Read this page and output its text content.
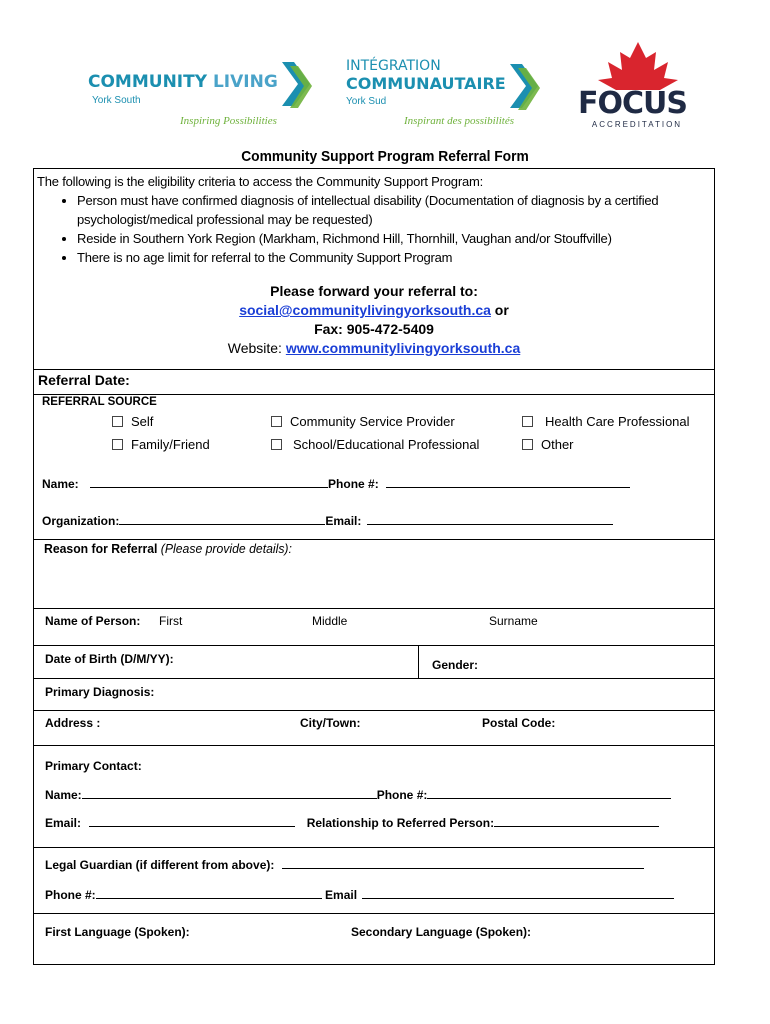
COMMUNITY LIVING
York South
Inspiring Possibilities
INTÉGRATION
COMMUNAUTAIRE
York Sud
Inspirant des possibilités FOCUS
ACCREDITATION
Community Support Program Referral Form
The following is the eligibility criteria to access the Community Support Program:
• Person must have confirmed diagnosis of intellectual disability (Documentation of diagnosis by a certified psychologist/medical professional may be requested)
• Reside in Southern York Region (Markham, Richmond Hill, Thornhill, Vaughan and/or Stouffville)
• There is no age limit for referral to the Community Support Program
Please forward your referral to:
social@communitylivingyorksouth.ca or
Fax: 905-472-5409
Website: www.communitylivingyorksouth.ca
Referral Date:
REFERRAL SOURCE
Self	Community Service Provider	Health Care Professional
Family/Friend	School/Educational Professional	Other
Name:	Phone #:
Organization:	Email:
Reason for Referral (Please provide details):
Name of Person: First	Middle	Surname
Date of Birth (D/M/YY):	Gender:
Primary Diagnosis:
Address :	City/Town:	Postal Code:
Primary Contact:
Name:	Phone #:
Email:	Relationship to Referred Person:
Legal Guardian (if different from above):
Phone #:	Email
First Language (Spoken):	Secondary Language (Spoken):
